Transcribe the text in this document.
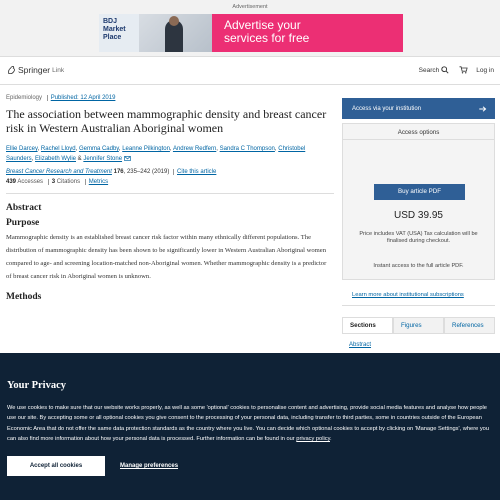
Advertisement
BDJ
Market
Place
Advertise your
services for free
Springer Link	Search	Log in
Epidemiology Published: 12 April 2019
The association between mammographic density and breast cancer risk in Western Australian Aboriginal women
Ellie Darcey, Rachel Lloyd, Gemma Cadby, Leanne Pilkington, Andrew Redfern, Sandra C Thompson, Christobel Saunders, Elizabeth Wylie & Jennifer Stone
Breast Cancer Research and Treatment 176, 235–242 (2019) Cite this article
439 Accesses 3 Citations Metrics
Abstract
Purpose

Mammographic density is an established breast cancer risk factor within many ethnically different populations. The distribution of mammographic density has been shown to be significantly lower in Western Australian Aboriginal women compared to age- and screening location-matched non-Aboriginal women. Whether mammographic density is a predictor of breast cancer risk in Aboriginal women is unknown.

Methods
Access via your institution
Access options
Buy article PDF
USD 39.95
Price includes VAT (USA) Tax calculation will be finalised during checkout.
Instant access to the full article PDF.
Learn more about institutional subscriptions
Sections	Figures	References
Abstract
Your Privacy

We use cookies to make sure that our website works properly, as well as some 'optional' cookies to personalise content and advertising, provide social media features and analyse how people use our site. By accepting some or all optional cookies you give consent to the processing of your personal data, including transfer to third parties, some in countries outside of the European Economic Area that do not offer the same data protection standards as the country where you live. You can decide which optional cookies to accept by clicking on 'Manage Settings', where you can also find more information about how your personal data is processed. Further information can be found in our privacy policy.

Accept all cookies	Manage preferences
